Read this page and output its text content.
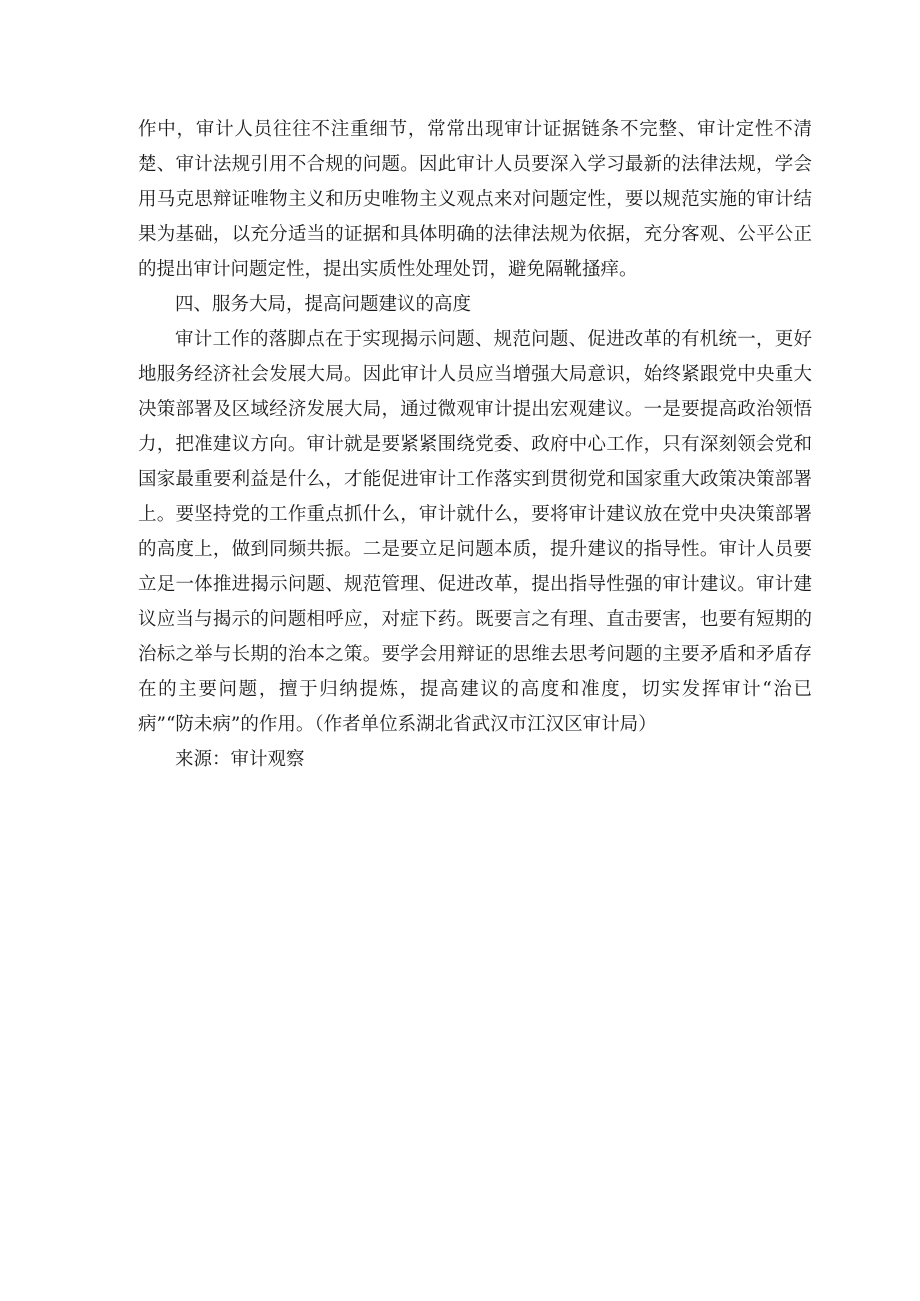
作中，审计人员往往不注重细节，常常出现审计证据链条不完整、审计定性不清楚、审计法规引用不合规的问题。因此审计人员要深入学习最新的法律法规，学会用马克思辩证唯物主义和历史唯物主义观点来对问题定性，要以规范实施的审计结果为基础，以充分适当的证据和具体明确的法律法规为依据，充分客观、公平公正的提出审计问题定性，提出实质性处理处罚，避免隔靴搔痒。

四、服务大局，提高问题建议的高度

审计工作的落脚点在于实现揭示问题、规范问题、促进改革的有机统一，更好地服务经济社会发展大局。因此审计人员应当增强大局意识，始终紧跟党中央重大决策部署及区域经济发展大局，通过微观审计提出宏观建议。一是要提高政治领悟力，把准建议方向。审计就是要紧紧围绕党委、政府中心工作，只有深刻领会党和国家最重要利益是什么，才能促进审计工作落实到贯彻党和国家重大政策决策部署上。要坚持党的工作重点抓什么，审计就什么，要将审计建议放在党中央决策部署的高度上，做到同频共振。二是要立足问题本质，提升建议的指导性。审计人员要立足一体推进揭示问题、规范管理、促进改革，提出指导性强的审计建议。审计建议应当与揭示的问题相呼应，对症下药。既要言之有理、直击要害，也要有短期的治标之举与长期的治本之策。要学会用辩证的思维去思考问题的主要矛盾和矛盾存在的主要问题，擅于归纳提炼，提高建议的高度和准度，切实发挥审计“治已病”“防未病”的作用。（作者单位系湖北省武汉市江汉区审计局）

来源：审计观察
